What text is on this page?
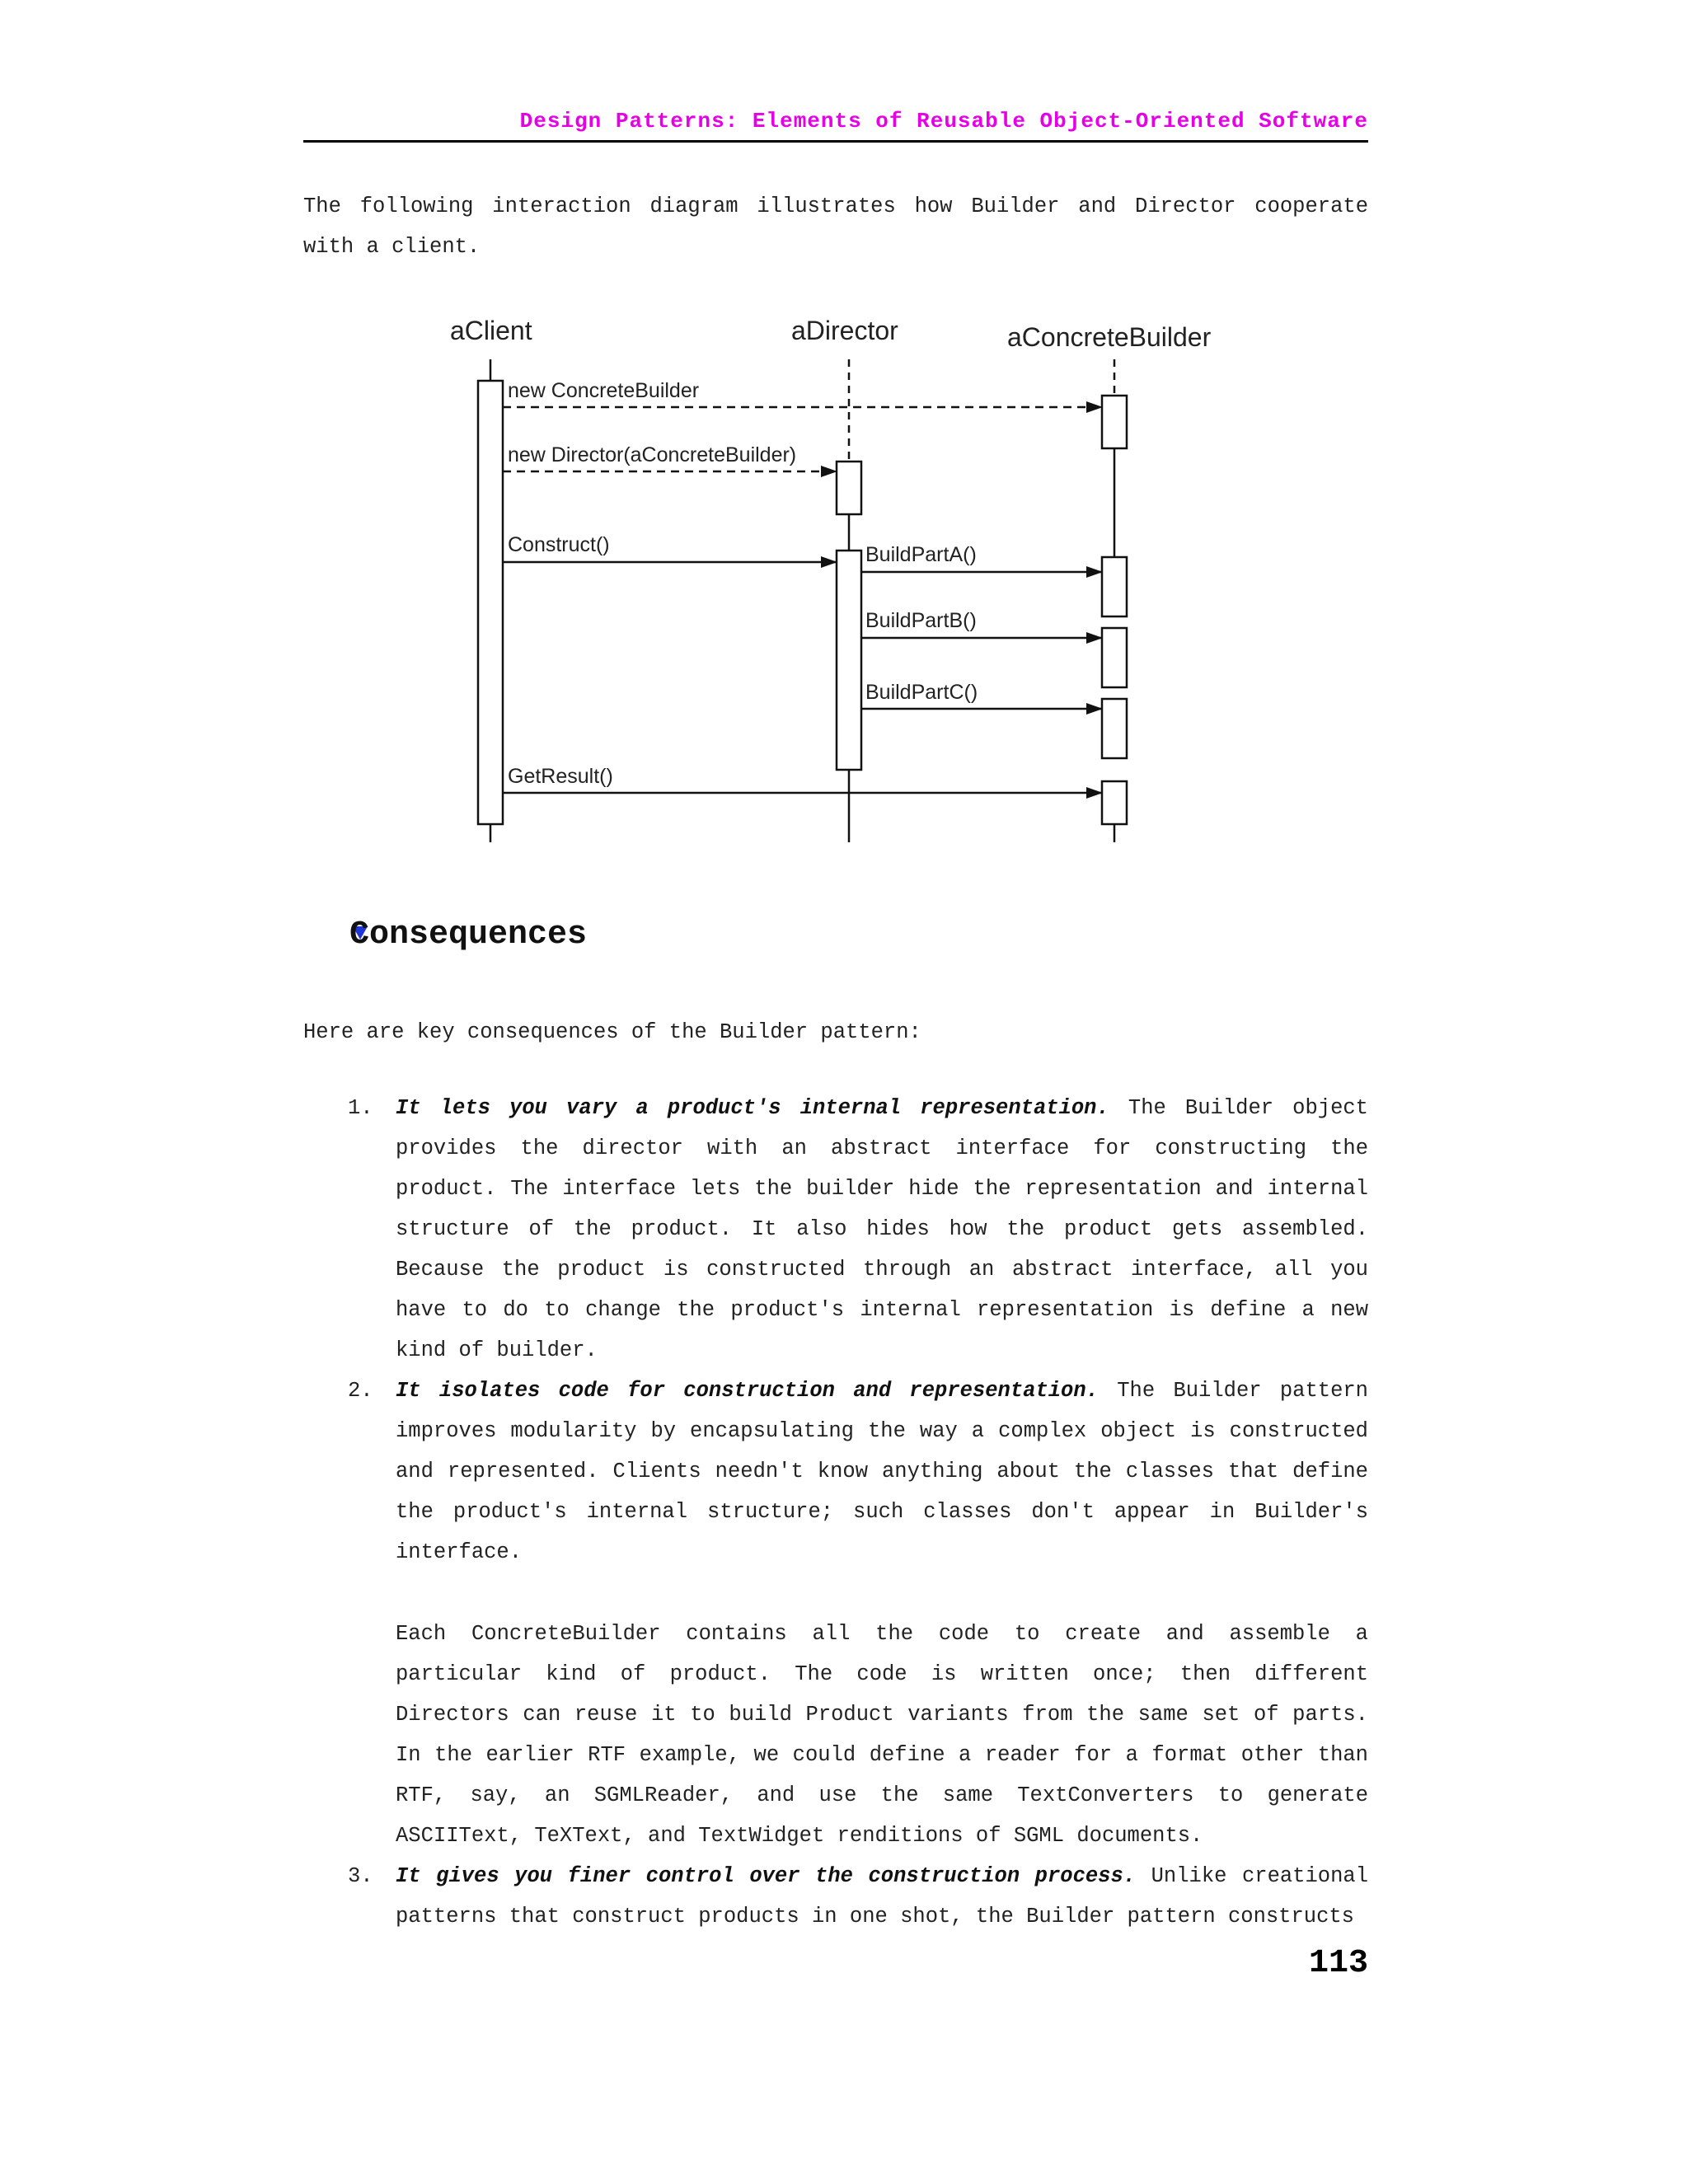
Design Patterns: Elements of Reusable Object-Oriented Software
The following interaction diagram illustrates how Builder and Director cooperate with a client.
aClient	aDirector	aConcreteBuilder
new ConcreteBuilder
new Director(aConcreteBuilder)
Construct()	BuildPartA()
BuildPartB()
BuildPartC()
GetResult()
Consequences
Here are key consequences of the Builder pattern:
1.	It lets you vary a product's internal representation. The Builder object provides the director with an abstract interface for constructing the product. The interface lets the builder hide the representation and internal structure of the product. It also hides how the product gets assembled. Because the product is constructed through an abstract interface, all you have to do to change the product's internal representation is define a new kind of builder.
2.	It isolates code for construction and representation. The Builder pattern improves modularity by encapsulating the way a complex object is constructed and represented. Clients needn't know anything about the classes that define the product's internal structure; such classes don't appear in Builder's interface.
Each ConcreteBuilder contains all the code to create and assemble a particular kind of product. The code is written once; then different Directors can reuse it to build Product variants from the same set of parts. In the earlier RTF example, we could define a reader for a format other than RTF, say, an SGMLReader, and use the same TextConverters to generate ASCIIText, TeXText, and TextWidget renditions of SGML documents.
3.	It gives you finer control over the construction process. Unlike creational patterns that construct products in one shot, the Builder pattern constructs
113
